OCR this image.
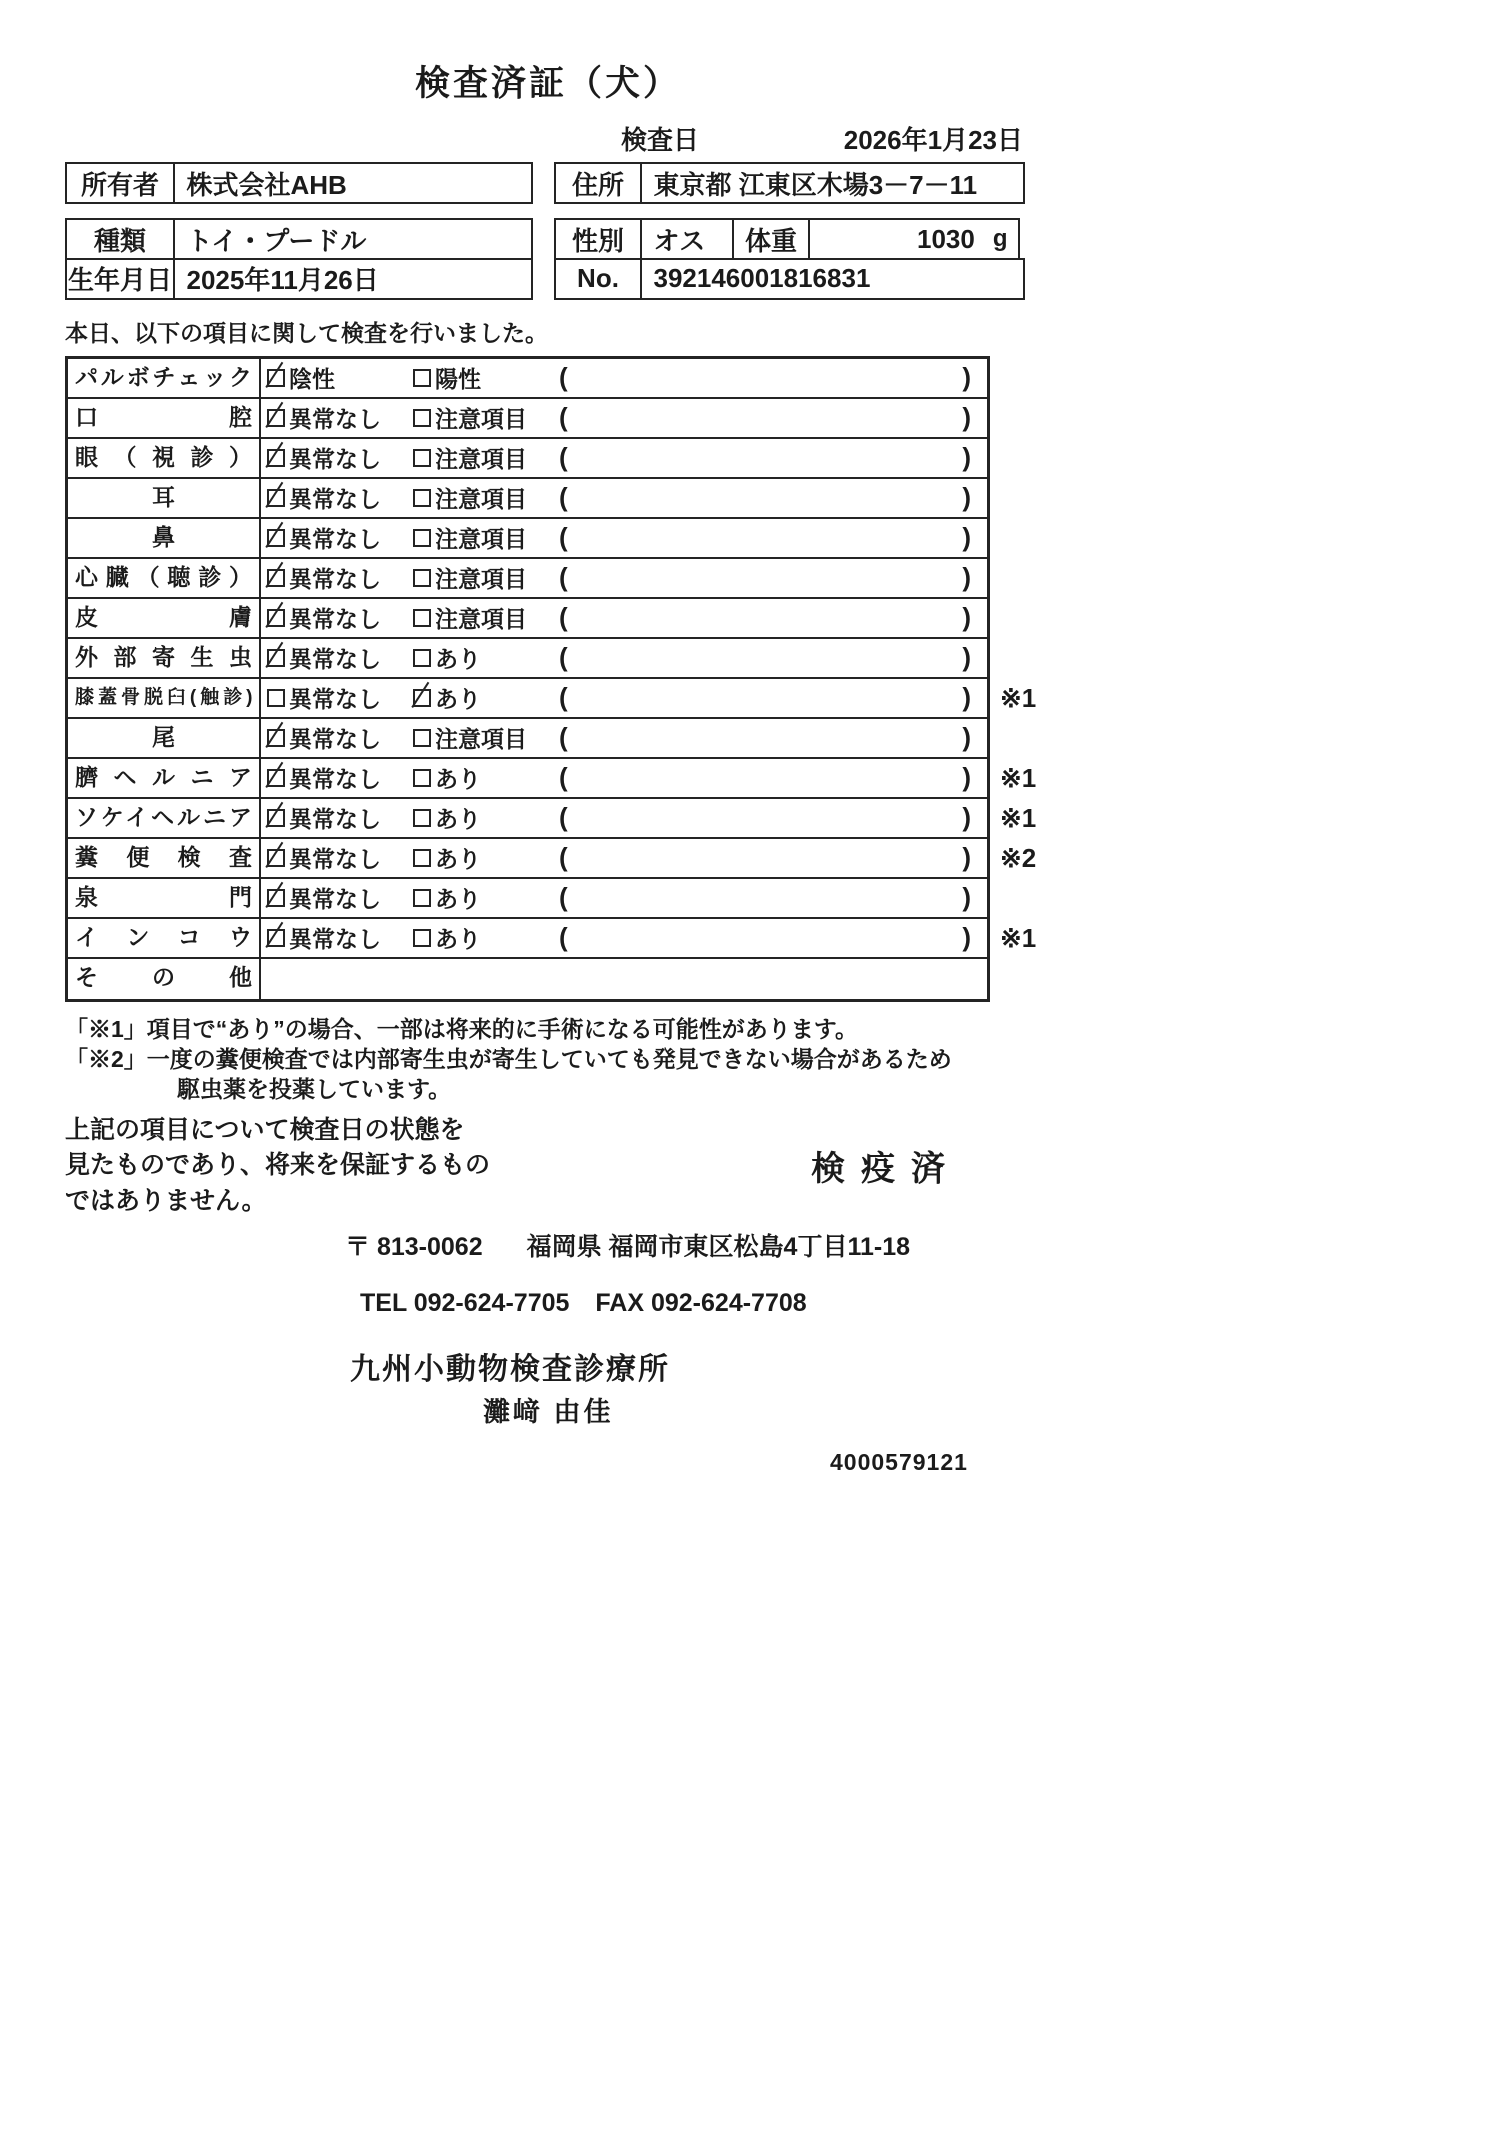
検査済証（犬）
検査日	2026年1月23日
所有者	株式会社AHB	住所	東京都 江東区木場3－7－11
種類	トイ・プードル	性別	オス	体重	1030 g
生年月日 2025年11月26日	No.	392146001816831
本日、以下の項目に関して検査を行いました。
パルボチェック	陰性	陽性	(	)
口腔	異常なし 注意項目 (	)
眼（視診）	異常なし 注意項目 (	)
耳	異常なし 注意項目 (	)
鼻	異常なし 注意項目 (	)
心臓（聴診）	異常なし 注意項目 (	)
皮膚	異常なし 注意項目 (	)
外部寄生虫	異常なし あり	(	)
膝蓋骨脱臼(触診)	異常なし あり	(	) ※1
尾	異常なし 注意項目 (	)
臍ヘルニア	異常なし あり	(	) ※1
ソケイヘルニア	異常なし あり	(	) ※1
糞便検査	異常なし あり	(	) ※2
泉門	異常なし あり	(	)
インコウ	異常なし あり	(	) ※1
その他
「※1」項目で“あり”の場合、一部は将来的に手術になる可能性があります。
「※2」一度の糞便検査では内部寄生虫が寄生していても発見できない場合があるため
駆虫薬を投薬しています。
上記の項目について検査日の状態を
見たものであり、将来を保証するもの
ではありません。
検疫済
〒 813-0062 福岡県 福岡市東区松島4丁目11-18
TEL 092-624-7705 FAX 092-624-7708
九州小動物検査診療所
灘﨑 由佳
4000579121
